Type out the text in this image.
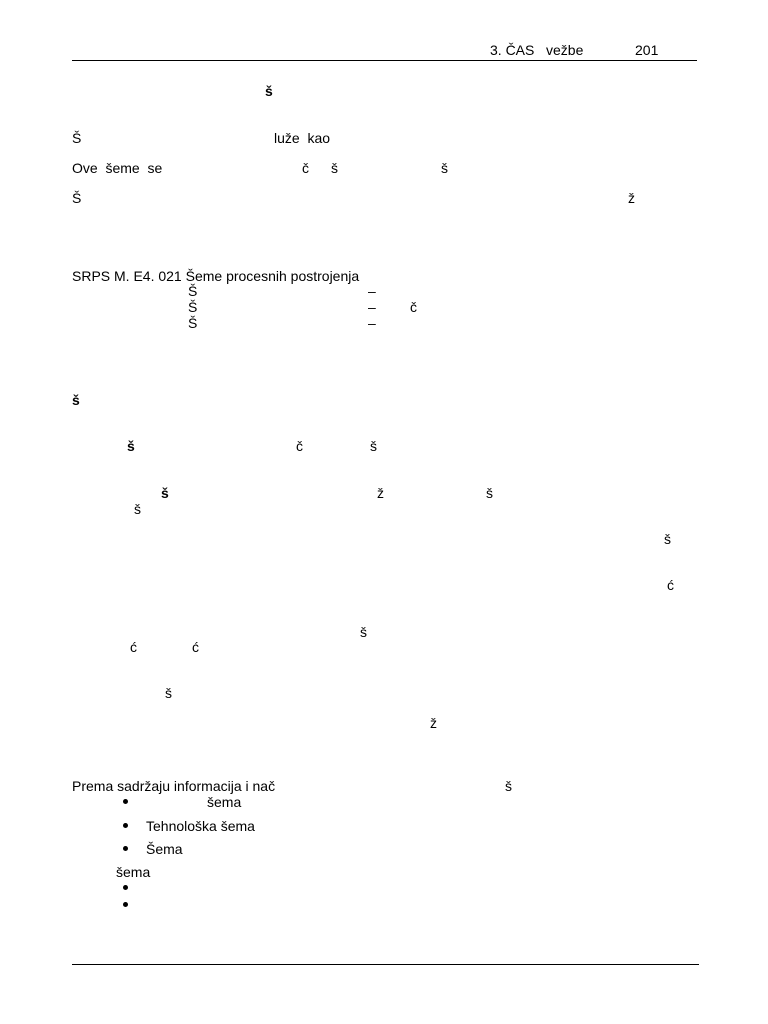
3. ČAS vežbe	201
š
Š	luže  kao
Ove  šeme  se	č š	š
Š	ž
SRPS M. E4. 021 Šeme procesnih postrojenja
Š	–
Š	– č
Š	–
š
š	č	š
š	ž	š
š
š
ć
š
ć	ć
š
ž
Prema sadržaju informacija i nač	š
šema
Tehnološka šema
Šema
šema
